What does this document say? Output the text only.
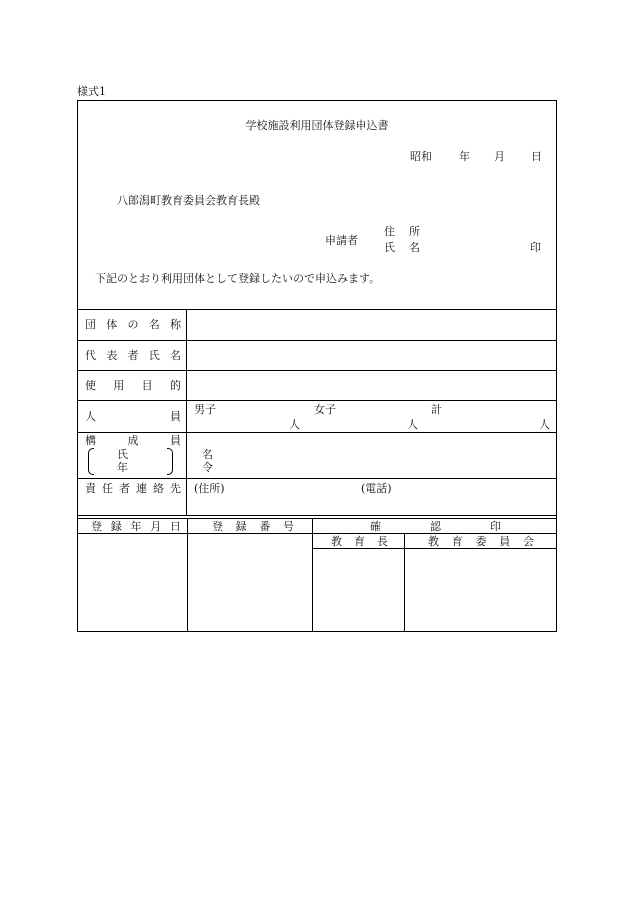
様式1
学校施設利用団体登録申込書
昭和 年 月 日
八郎潟町教育委員会教育長殿
申請者
住 所
氏 名	印
下記のとおり利用団体として登録したいので申込みます。
団 体 の 名 称
代 表 者 氏 名
使 用 目 的
人 員
男子	女子	計
人	人	人
構 成 員
氏 名
年 令
責 任 者 連 絡 先 (住所)	(電話)
登 録 年 月 日	登 録 番 号	確 認 印
教 育 長	教 育 委 員 会
